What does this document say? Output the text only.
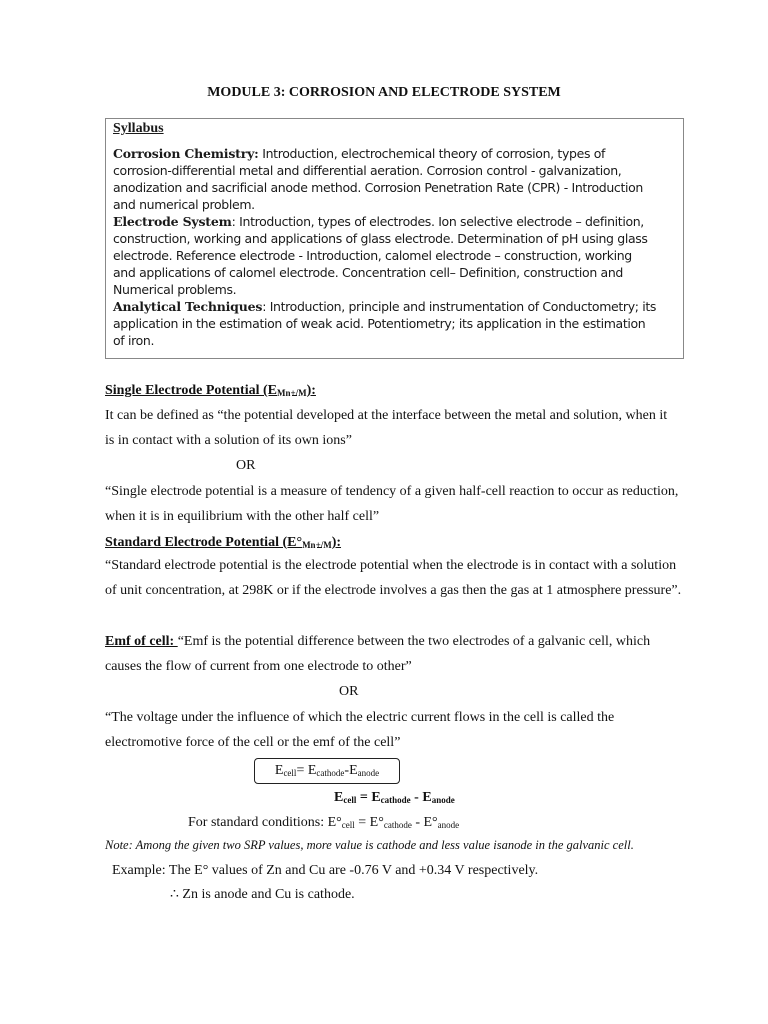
MODULE 3: CORROSION AND ELECTRODE SYSTEM
Syllabus
Corrosion Chemistry: Introduction, electrochemical theory of corrosion, types of
corrosion-differential metal and differential aeration. Corrosion control - galvanization,
anodization and sacrificial anode method. Corrosion Penetration Rate (CPR) - Introduction
and numerical problem.
Electrode System: Introduction, types of electrodes. Ion selective electrode – definition,
construction, working and applications of glass electrode. Determination of pH using glass
electrode. Reference electrode - Introduction, calomel electrode – construction, working
and applications of calomel electrode. Concentration cell– Definition, construction and
Numerical problems.
Analytical Techniques: Introduction, principle and instrumentation of Conductometry; its
application in the estimation of weak acid. Potentiometry; its application in the estimation
of iron.
Single Electrode Potential $(E_{Mn+/M})$:
It can be defined as “the potential developed at the interface between the metal and solution, when it
is in contact with a solution of its own ions”
OR
“Single electrode potential is a measure of tendency of a given half-cell reaction to occur as reduction,
when it is in equilibrium with the other half cell”
Standard Electrode Potential $(E^\circ_{Mn+/M})$:
“Standard electrode potential is the electrode potential when the electrode is in contact with a solution
of unit concentration, at 298K or if the electrode involves a gas then the gas at 1 atmosphere pressure”.
Emf of cell: “Emf is the potential difference between the two electrodes of a galvanic cell, which
causes the flow of current from one electrode to other”
OR
“The voltage under the influence of which the electric current flows in the cell is called the
electromotive force of the cell or the emf of the cell”
$E_{cell}= E_{cathode}-E_{anode}$
$E_{cell} = E_{cathode} - E_{anode}$
For standard conditions: $E^\circ_{cell} = E^\circ_{cathode} - E^\circ_{anode}$
Note: Among the given two SRP values, more value is cathode and less value isanode in the galvanic cell.
Example: The E° values of Zn and Cu are -0.76 V and +0.34 V respectively.
∴ Zn is anode and Cu is cathode.
